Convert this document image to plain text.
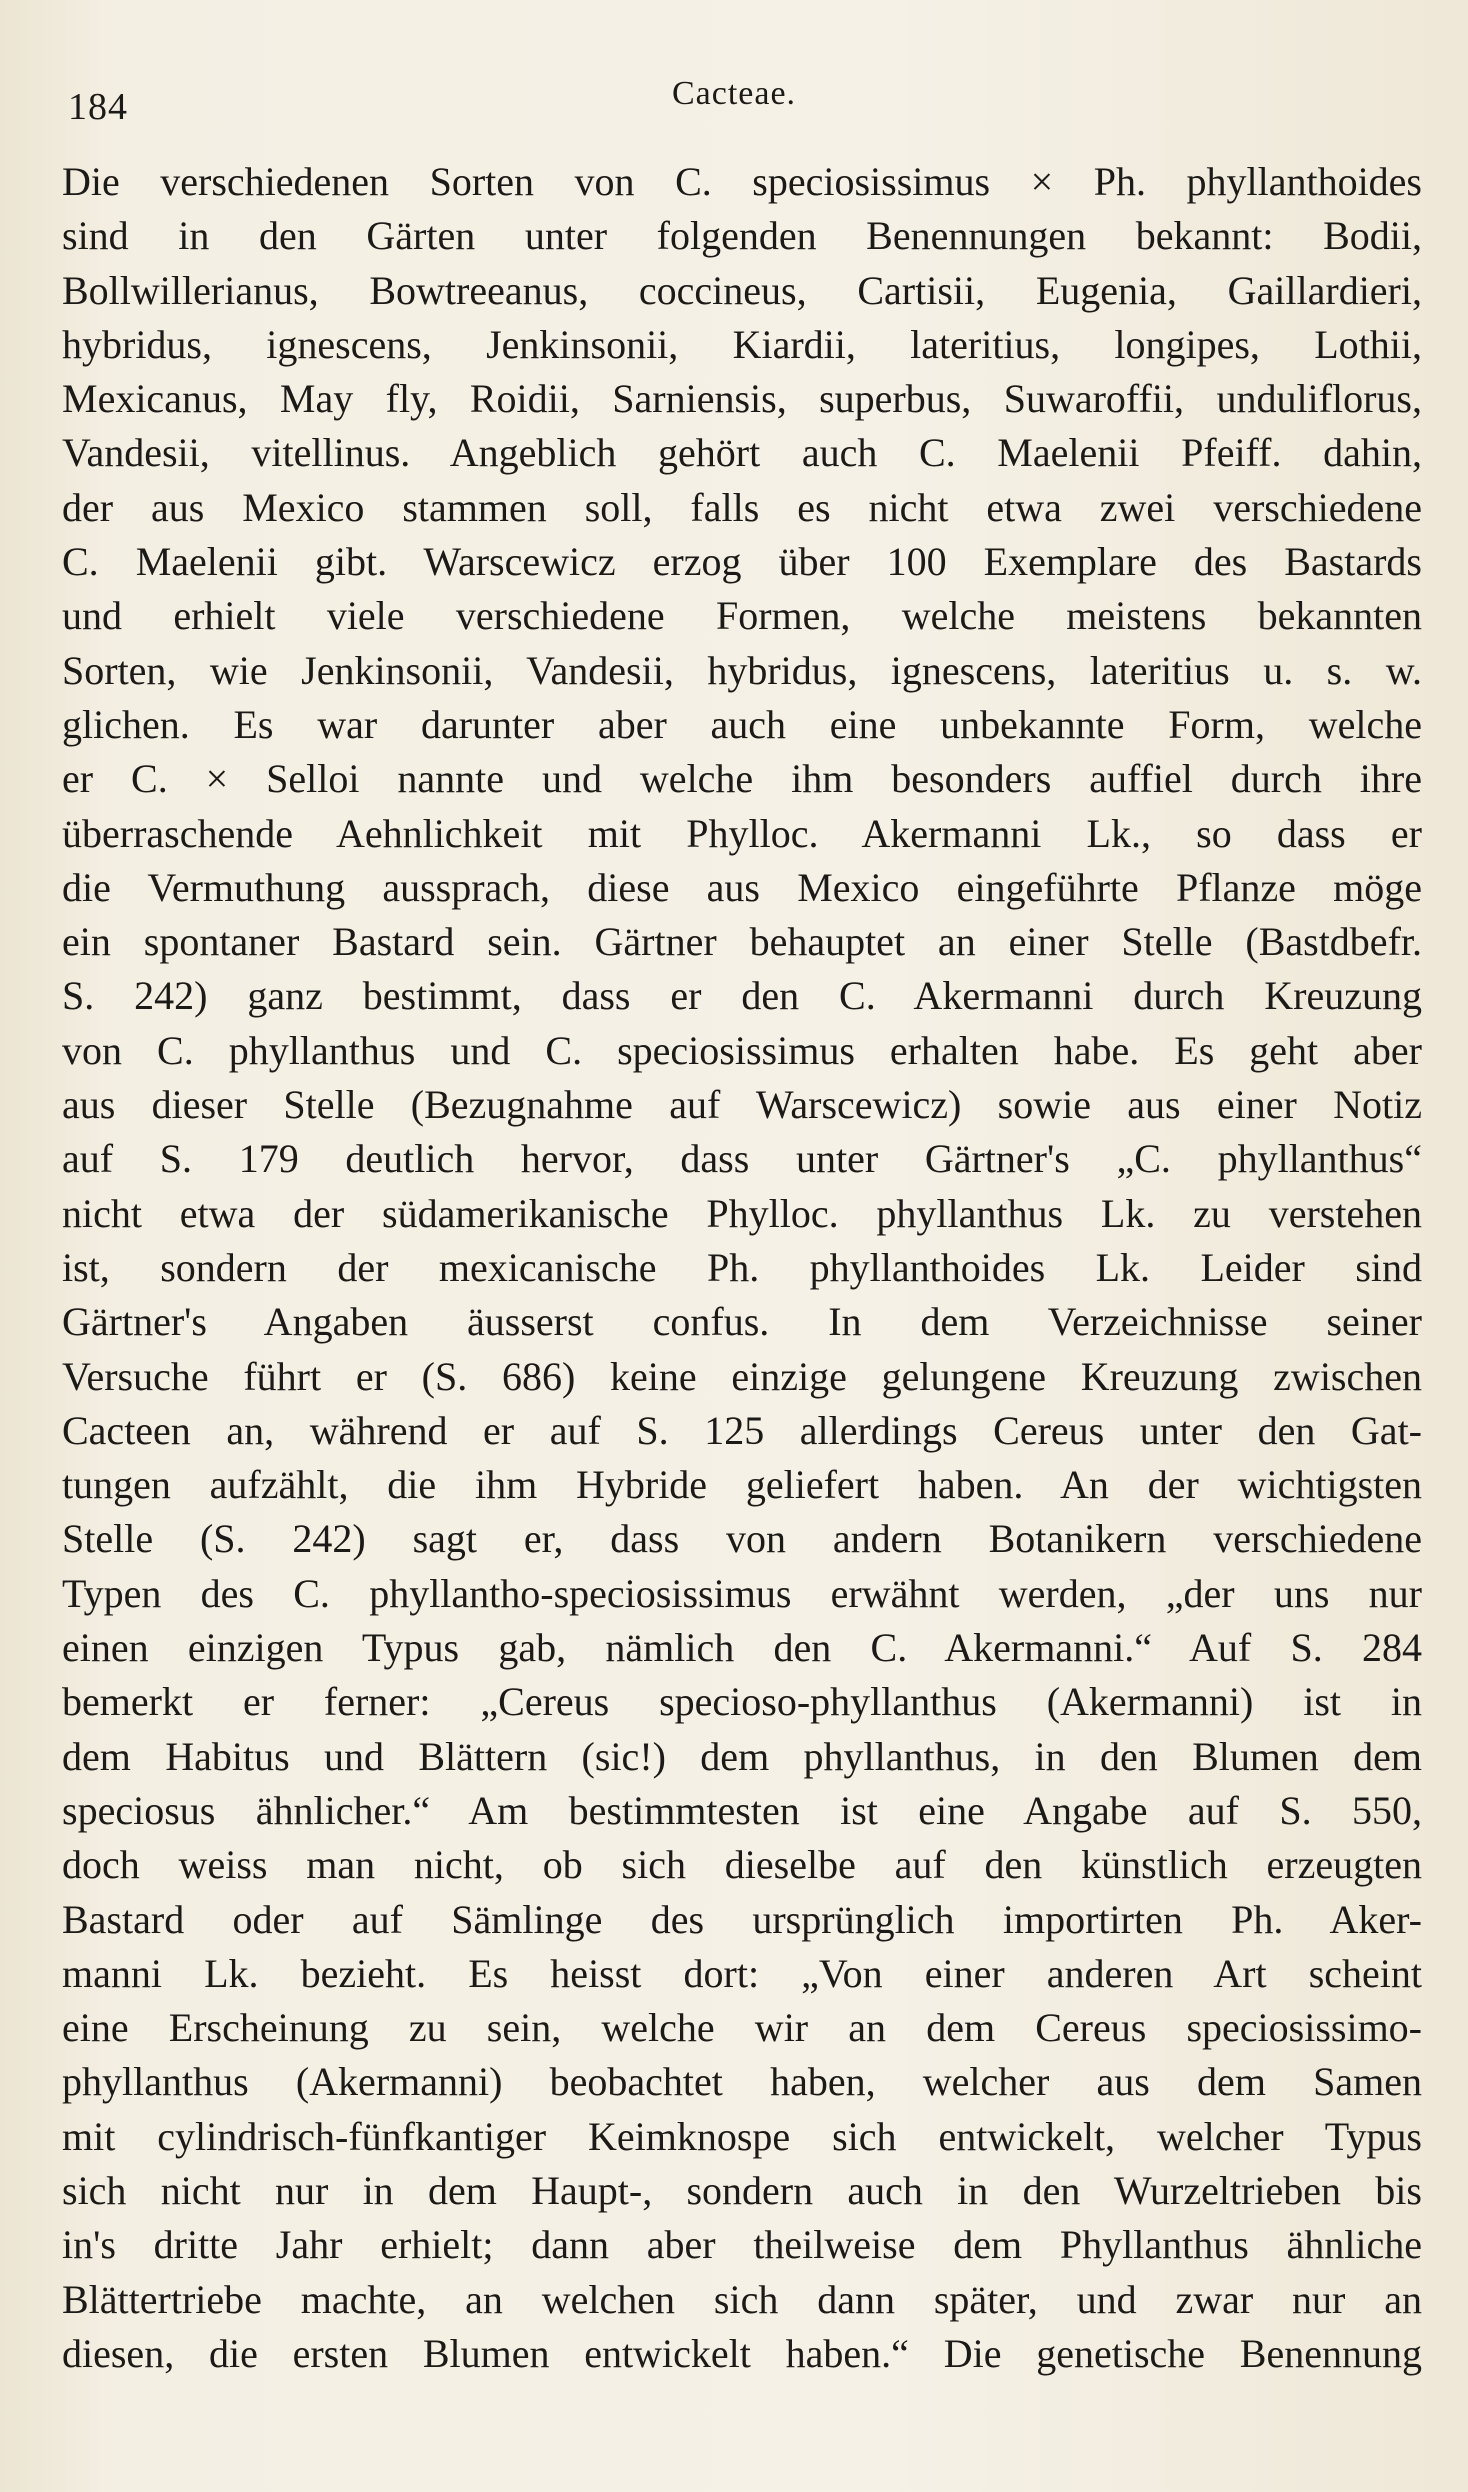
184	Cacteae.
Die verschiedenen Sorten von C. speciosissimus × Ph. phyllanthoides
sind in den Gärten unter folgenden Benennungen bekannt: Bodii,
Bollwillerianus, Bowtreeanus, coccineus, Cartisii, Eugenia, Gaillardieri,
hybridus, ignescens, Jenkinsonii, Kiardii, lateritius, longipes, Lothii,
Mexicanus, May fly, Roidii, Sarniensis, superbus, Suwaroffii, unduliflorus,
Vandesii, vitellinus. Angeblich gehört auch C. Maelenii Pfeiff. dahin,
der aus Mexico stammen soll, falls es nicht etwa zwei verschiedene
C. Maelenii gibt. Warscewicz erzog über 100 Exemplare des Bastards
und erhielt viele verschiedene Formen, welche meistens bekannten
Sorten, wie Jenkinsonii, Vandesii, hybridus, ignescens, lateritius u. s. w.
glichen. Es war darunter aber auch eine unbekannte Form, welche
er C. × Selloi nannte und welche ihm besonders auffiel durch ihre
überraschende Aehnlichkeit mit Phylloc. Akermanni Lk., so dass er
die Vermuthung aussprach, diese aus Mexico eingeführte Pflanze möge
ein spontaner Bastard sein. Gärtner behauptet an einer Stelle (Bastdbefr.
S. 242) ganz bestimmt, dass er den C. Akermanni durch Kreuzung
von C. phyllanthus und C. speciosissimus erhalten habe. Es geht aber
aus dieser Stelle (Bezugnahme auf Warscewicz) sowie aus einer Notiz
auf S. 179 deutlich hervor, dass unter Gärtner's „C. phyllanthus“
nicht etwa der südamerikanische Phylloc. phyllanthus Lk. zu verstehen
ist, sondern der mexicanische Ph. phyllanthoides Lk. Leider sind
Gärtner's Angaben äusserst confus. In dem Verzeichnisse seiner
Versuche führt er (S. 686) keine einzige gelungene Kreuzung zwischen
Cacteen an, während er auf S. 125 allerdings Cereus unter den Gat-
tungen aufzählt, die ihm Hybride geliefert haben. An der wichtigsten
Stelle (S. 242) sagt er, dass von andern Botanikern verschiedene
Typen des C. phyllantho-speciosissimus erwähnt werden, „der uns nur
einen einzigen Typus gab, nämlich den C. Akermanni.“ Auf S. 284
bemerkt er ferner: „Cereus specioso-phyllanthus (Akermanni) ist in
dem Habitus und Blättern (sic!) dem phyllanthus, in den Blumen dem
speciosus ähnlicher.“ Am bestimmtesten ist eine Angabe auf S. 550,
doch weiss man nicht, ob sich dieselbe auf den künstlich erzeugten
Bastard oder auf Sämlinge des ursprünglich importirten Ph. Aker-
manni Lk. bezieht. Es heisst dort: „Von einer anderen Art scheint
eine Erscheinung zu sein, welche wir an dem Cereus speciosissimo-
phyllanthus (Akermanni) beobachtet haben, welcher aus dem Samen
mit cylindrisch-fünfkantiger Keimknospe sich entwickelt, welcher Typus
sich nicht nur in dem Haupt-, sondern auch in den Wurzeltrieben bis
in's dritte Jahr erhielt; dann aber theilweise dem Phyllanthus ähnliche
Blättertriebe machte, an welchen sich dann später, und zwar nur an
diesen, die ersten Blumen entwickelt haben.“ Die genetische Benennung
